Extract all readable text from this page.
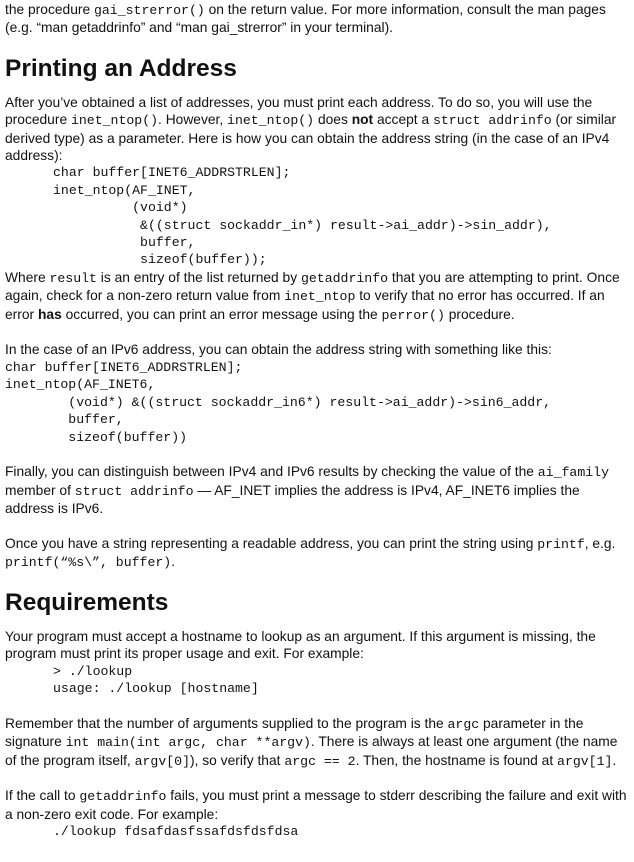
the procedure gai_strerror() on the return value. For more information, consult the man pages (e.g. “man getaddrinfo” and “man gai_strerror” in your terminal).

Printing an Address

After you’ve obtained a list of addresses, you must print each address. To do so, you will use the procedure inet_ntop(). However, inet_ntop() does not accept a struct addrinfo (or similar derived type) as a parameter. Here is how you can obtain the address string (in the case of an IPv4 address):

char buffer[INET6_ADDRSTRLEN];
inet_ntop(AF_INET,
(void*)
&((struct sockaddr_in*) result->ai_addr)->sin_addr),
buffer,
sizeof(buffer));

Where result is an entry of the list returned by getaddrinfo that you are attempting to print. Once again, check for a non-zero return value from inet_ntop to verify that no error has occurred. If an error has occurred, you can print an error message using the perror() procedure.

In the case of an IPv6 address, you can obtain the address string with something like this:

char buffer[INET6_ADDRSTRLEN];
inet_ntop(AF_INET6,
(void*) &((struct sockaddr_in6*) result->ai_addr)->sin6_addr,
buffer,
sizeof(buffer))

Finally, you can distinguish between IPv4 and IPv6 results by checking the value of the ai_family member of struct addrinfo — AF_INET implies the address is IPv4, AF_INET6 implies the address is IPv6.

Once you have a string representing a readable address, you can print the string using printf, e.g. printf(“%s\”, buffer).

Requirements

Your program must accept a hostname to lookup as an argument. If this argument is missing, the program must print its proper usage and exit. For example:

> ./lookup
usage: ./lookup [hostname]

Remember that the number of arguments supplied to the program is the argc parameter in the signature int main(int argc, char **argv). There is always at least one argument (the name of the program itself, argv[0]), so verify that argc == 2. Then, the hostname is found at argv[1].

If the call to getaddrinfo fails, you must print a message to stderr describing the failure and exit with a non-zero exit code. For example:

./lookup fdsafdasfssafdsfdsfdsa
